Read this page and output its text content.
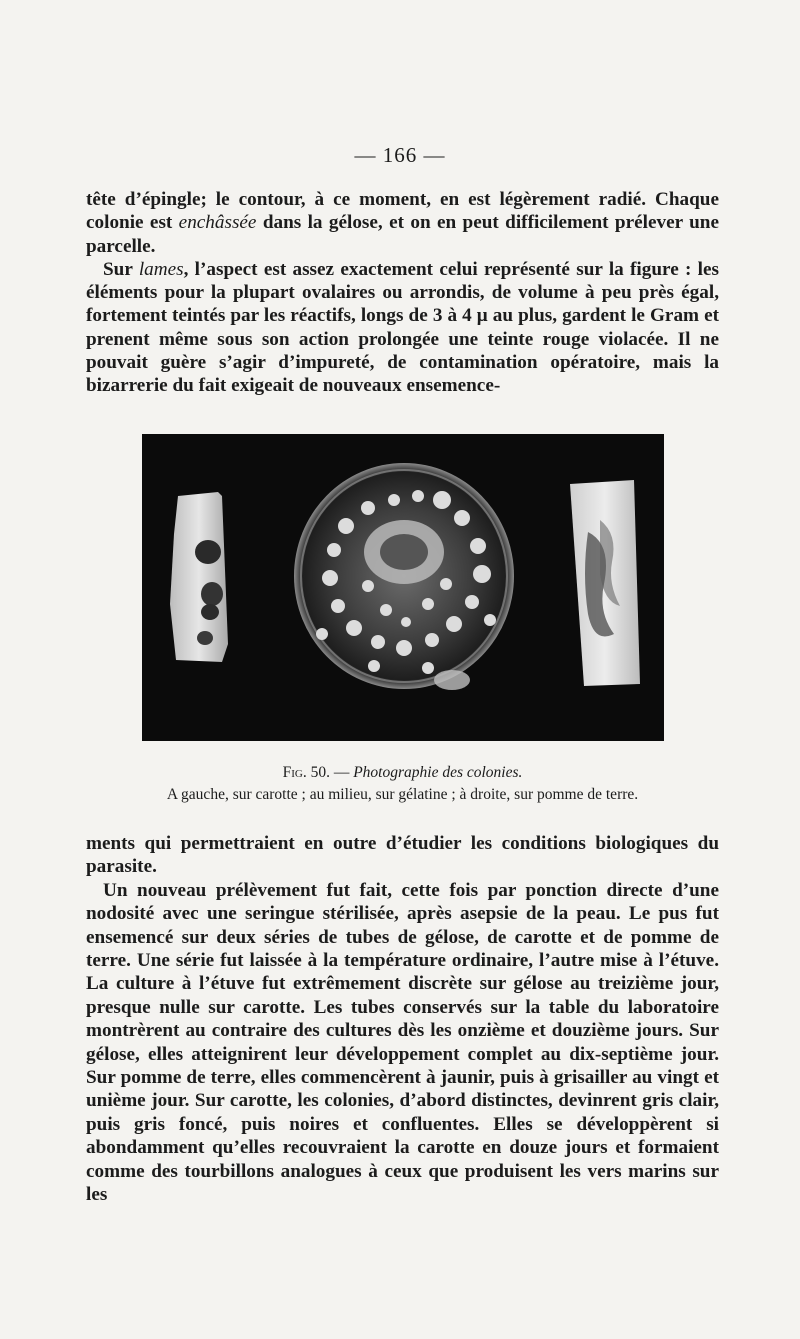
— 166 —

tête d’épingle; le contour, à ce moment, en est légèrement radié. Chaque colonie est enchâssée dans la gélose, et on en peut difficilement prélever une parcelle.

Sur lames, l’aspect est assez exactement celui représenté sur la figure : les éléments pour la plupart ovalaires ou arrondis, de volume à peu près égal, fortement teintés par les réactifs, longs de 3 à 4 μ au plus, gardent le Gram et prenent même sous son action prolongée une teinte rouge violacée. Il ne pouvait guère s’agir d’impureté, de contamination opératoire, mais la bizarrerie du fait exigeait de nouveaux ensemence-

Fig. 50. — Photographie des colonies.
A gauche, sur carotte ; au milieu, sur gélatine ; à droite, sur pomme de terre.

ments qui permettraient en outre d’étudier les conditions biologiques du parasite.

Un nouveau prélèvement fut fait, cette fois par ponction directe d’une nodosité avec une seringue stérilisée, après asepsie de la peau. Le pus fut ensemencé sur deux séries de tubes de gélose, de carotte et de pomme de terre. Une série fut laissée à la température ordinaire, l’autre mise à l’étuve. La culture à l’étuve fut extrêmement discrète sur gélose au treizième jour, presque nulle sur carotte. Les tubes conservés sur la table du laboratoire montrèrent au contraire des cultures dès les onzième et douzième jours. Sur gélose, elles atteignirent leur développement complet au dix-septième jour. Sur pomme de terre, elles commencèrent à jaunir, puis à grisailler au vingt et unième jour. Sur carotte, les colonies, d’abord distinctes, devinrent gris clair, puis gris foncé, puis noires et confluentes. Elles se développèrent si abondamment qu’elles recouvraient la carotte en douze jours et formaient comme des tourbillons analogues à ceux que produisent les vers marins sur les
